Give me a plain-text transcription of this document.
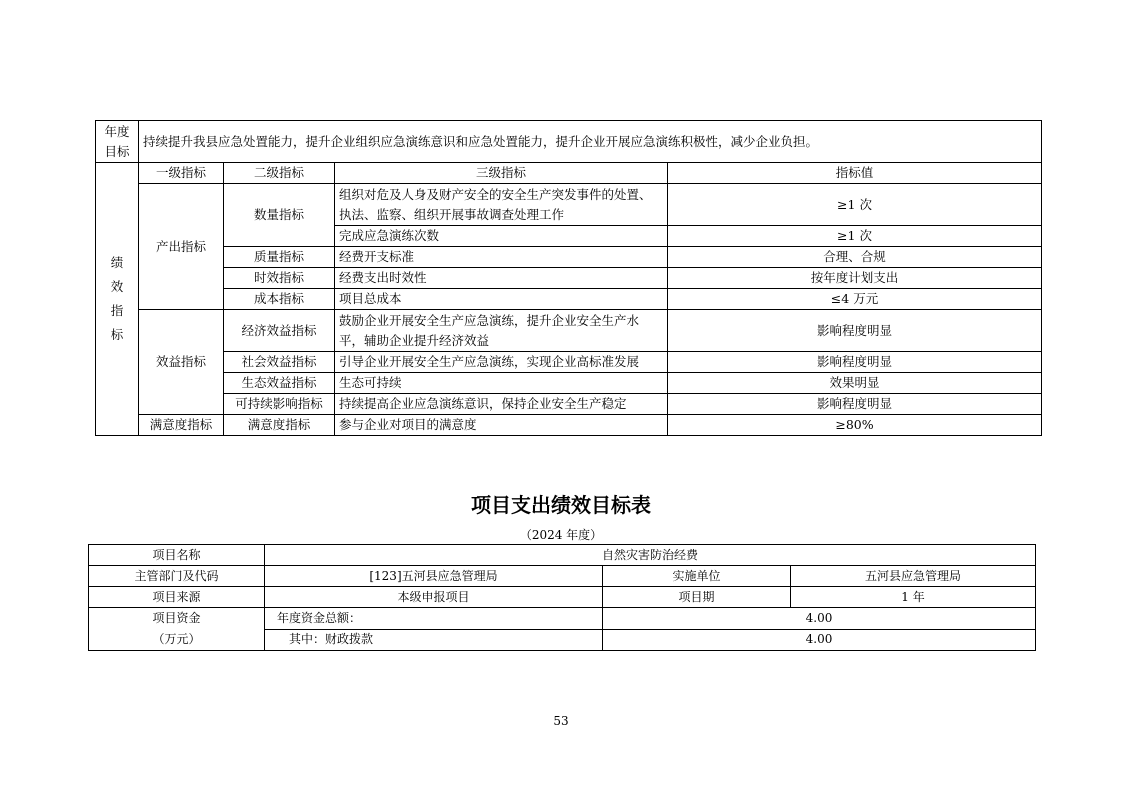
年度目标	持续提升我县应急处置能力，提升企业组织应急演练意识和应急处置能力，提升企业开展应急演练积极性，减少企业负担。			
绩效指标	一级指标	二级指标	三级指标	指标值
	产出指标	数量指标	组织对危及人身及财产安全的安全生产突发事件的处置、执法、监察、组织开展事故调查处理工作	≥1 次
			完成应急演练次数	≥1 次
		质量指标	经费开支标准	合理、合规
		时效指标	经费支出时效性	按年度计划支出
		成本指标	项目总成本	≤4 万元
	效益指标	经济效益指标	鼓励企业开展安全生产应急演练，提升企业安全生产水平，辅助企业提升经济效益	影响程度明显
		社会效益指标	引导企业开展安全生产应急演练，实现企业高标准发展	影响程度明显
		生态效益指标	生态可持续	效果明显
		可持续影响指标	持续提高企业应急演练意识，保持企业安全生产稳定	影响程度明显
	满意度指标	满意度指标	参与企业对项目的满意度	≥80%
项目支出绩效目标表
（2024 年度）
项目名称	自然灾害防治经费		
主管部门及代码	[123]五河县应急管理局	实施单位	五河县应急管理局
项目来源	本级申报项目	项目期	1 年

项目资金
（万元）	年度资金总额：	4.00	
	其中：财政拨款	4.00	
53
